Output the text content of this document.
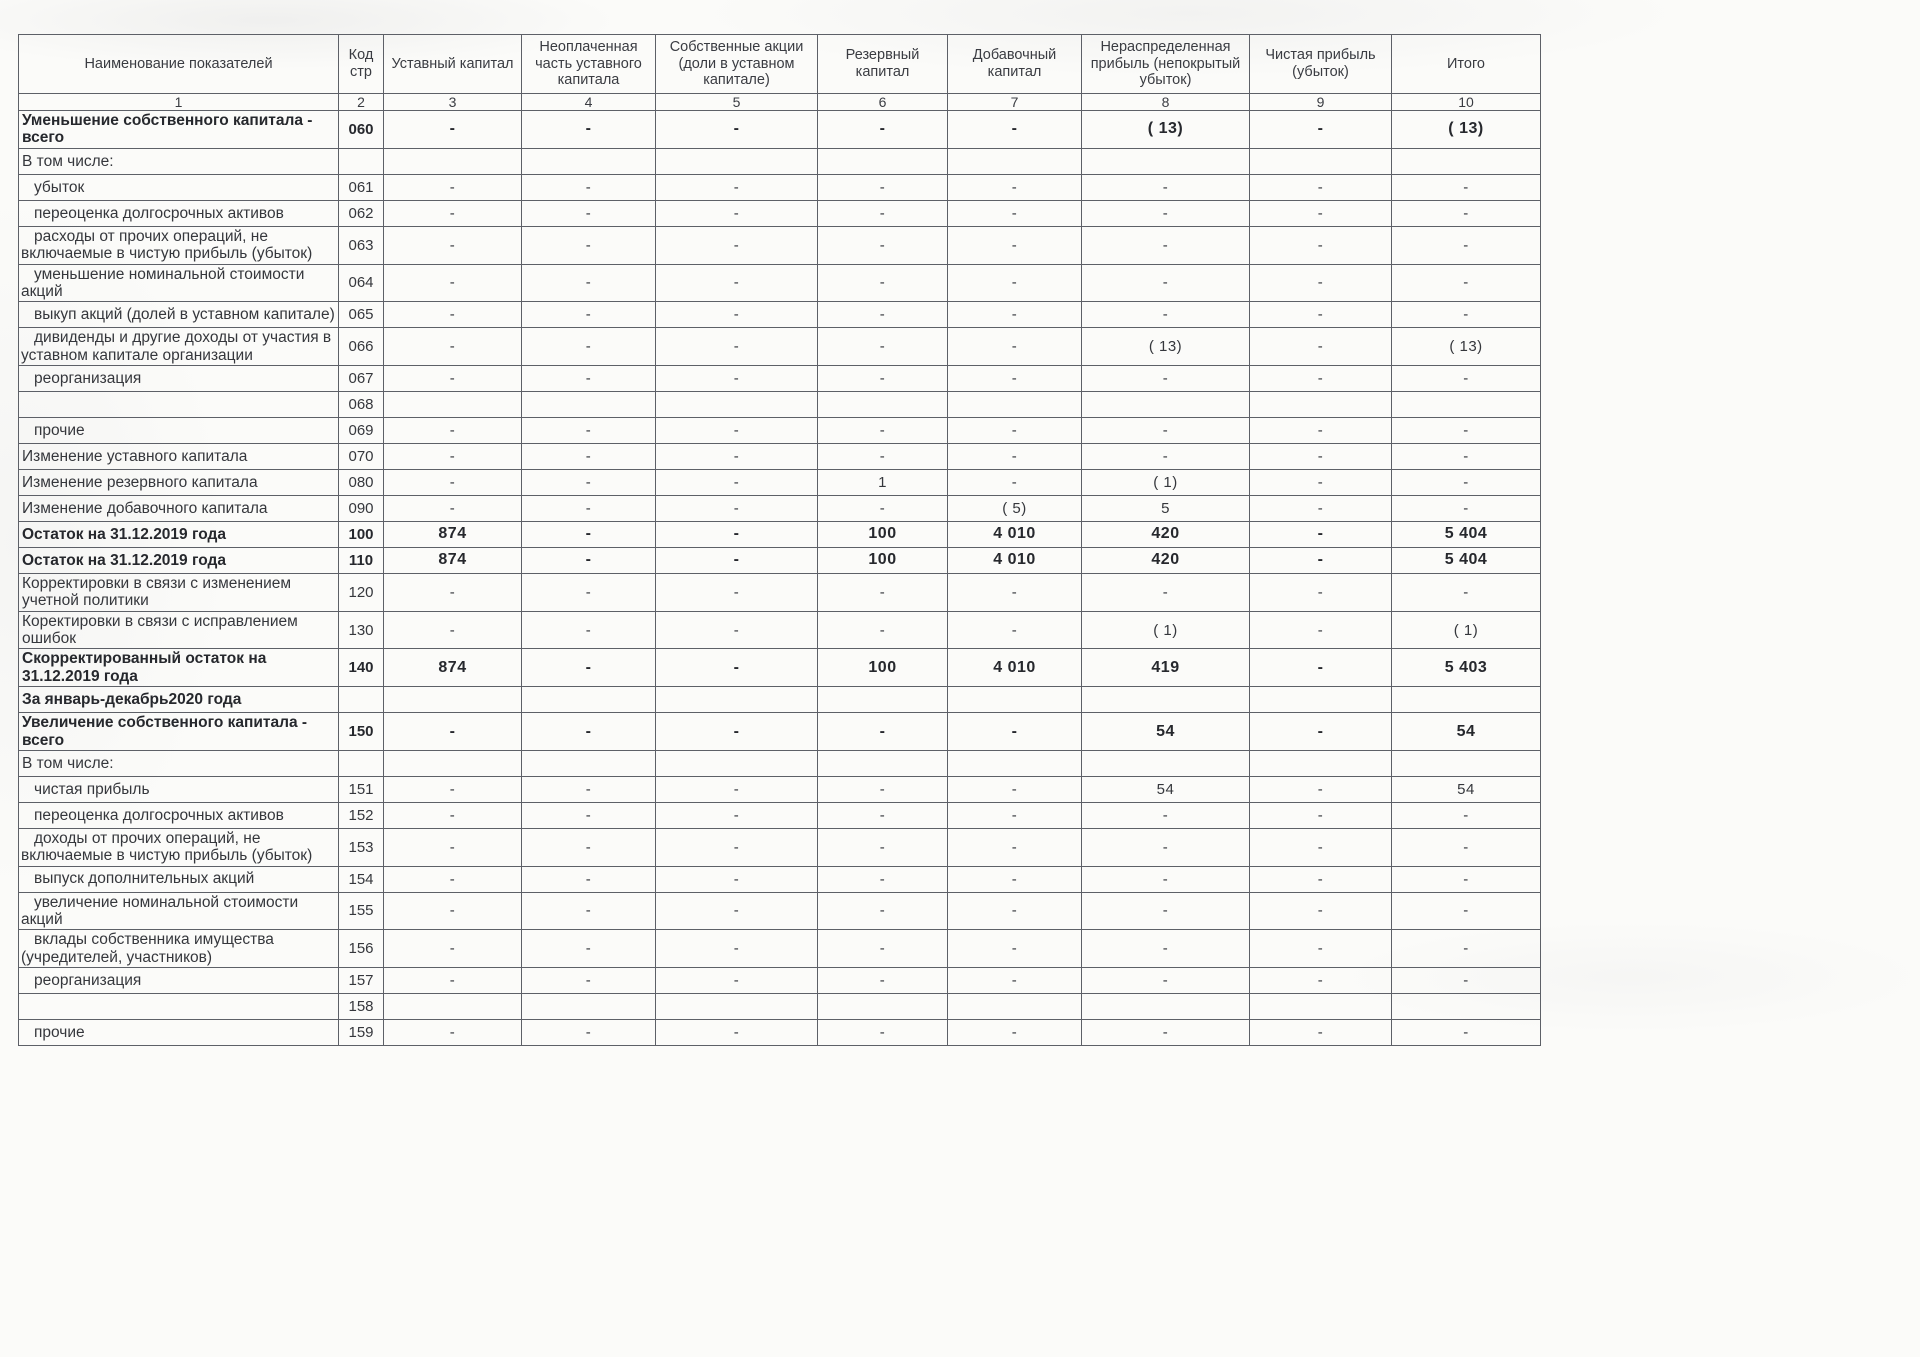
Наименование показателей	Код стр	Уставный капитал	Неоплаченная часть уставного капитала	Собственные акции (доли в уставном капитале)	Резервный капитал	Добавочный капитал	Нераспределенная прибыль (непокрытый убыток)	Чистая прибыль (убыток)	Итого
1	2	3	4	5	6	7	8	9	10
Уменьшение собственного капитала - всего	060	-	-	-	-	-	( 13)	-	( 13)
В том числе:									
убыток	061	-	-	-	-	-	-	-	-
переоценка долгосрочных активов	062	-	-	-	-	-	-	-	-
расходы от прочих операций, не включаемые в чистую прибыль (убыток)	063	-	-	-	-	-	-	-	-
уменьшение номинальной стоимости акций	064	-	-	-	-	-	-	-	-
выкуп акций (долей в уставном капитале)	065	-	-	-	-	-	-	-	-
дивиденды и другие доходы от участия в уставном капитале организации	066	-	-	-	-	-	( 13)	-	( 13)
реорганизация	067	-	-	-	-	-	-	-	-
	068								
прочие	069	-	-	-	-	-	-	-	-
Изменение уставного капитала	070	-	-	-	-	-	-	-	-
Изменение резервного капитала	080	-	-	-	1	-	( 1)	-	-
Изменение добавочного капитала	090	-	-	-	-	( 5)	5	-	-
Остаток на 31.12.2019 года	100	874	-	-	100	4 010	420	-	5 404
Остаток на 31.12.2019 года	110	874	-	-	100	4 010	420	-	5 404
Корректировки в связи с изменением учетной политики	120	-	-	-	-	-	-	-	-
Коректировки в связи с исправлением ошибок	130	-	-	-	-	-	( 1)	-	( 1)
Скорректированный остаток на 31.12.2019 года	140	874	-	-	100	4 010	419	-	5 403
За январь-декабрь2020 года									
Увеличение собственного капитала - всего	150	-	-	-	-	-	54	-	54
В том числе:									
чистая прибыль	151	-	-	-	-	-	54	-	54
переоценка долгосрочных активов	152	-	-	-	-	-	-	-	-
доходы от прочих операций, не включаемые в чистую прибыль (убыток)	153	-	-	-	-	-	-	-	-
выпуск дополнительных акций	154	-	-	-	-	-	-	-	-
увеличение номинальной стоимости акций	155	-	-	-	-	-	-	-	-
вклады собственника имущества (учредителей, участников)	156	-	-	-	-	-	-	-	-
реорганизация	157	-	-	-	-	-	-	-	-
	158								
прочие	159	-	-	-	-	-	-	-	-
